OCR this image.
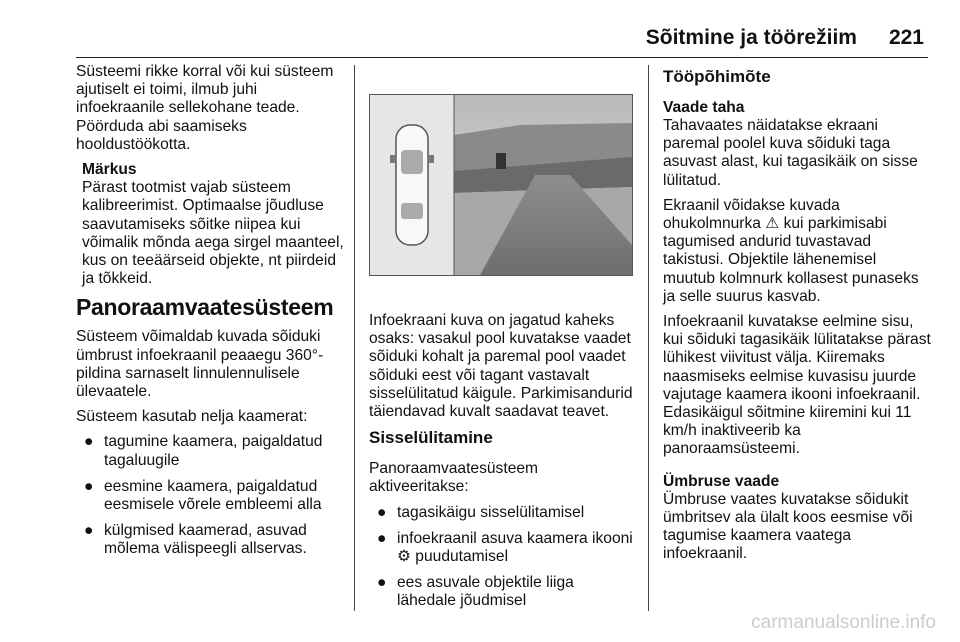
Sõitmine ja töörežiim 221

Süsteemi rikke korral või kui süsteem ajutiselt ei toimi, ilmub juhi infoekraanile sellekohane teade. Pöörduda abi saamiseks hooldustöökotta.

Märkus
Pärast tootmist vajab süsteem kalibreerimist. Optimaalse jõudluse saavutamiseks sõitke niipea kui võimalik mõnda aega sirgel maanteel, kus on teeäärseid objekte, nt piirdeid ja tõkkeid.
Panoraamvaatesüsteem

Süsteem võimaldab kuvada sõiduki ümbrust infoekraanil peaaegu 360°-pildina sarnaselt linnulennulisele ülevaatele.

Süsteem kasutab nelja kaamerat:

● tagumine kaamera, paigaldatud tagaluugile
● eesmine kaamera, paigaldatud eesmisele võrele embleemi alla
● külgmised kaamerad, asuvad mõlema välispeegli allservas.

Infoekraani kuva on jagatud kaheks osaks: vasakul pool kuvatakse vaadet sõiduki kohalt ja paremal pool vaadet sõiduki eest või tagant vastavalt sisselülitatud käigule. Parkimisandurid täiendavad kuvalt saadavat teavet.

Sisselülitamine

Panoraamvaatesüsteem aktiveeritakse:

● tagasikäigu sisselülitamisel
● infoekraanil asuva kaamera ikooni ⚙ puudutamisel
● ees asuvale objektile liiga lähedale jõudmisel
Tööpõhimõte
Vaade taha

Tahavaates näidatakse ekraani paremal poolel kuva sõiduki taga asuvast alast, kui tagasikäik on sisse lülitatud.

Ekraanil võidakse kuvada ohukolmnurka ⚠ kui parkimisabi tagumised andurid tuvastavad takistusi. Objektile lähenemisel muutub kolmnurk kollasest punaseks ja selle suurus kasvab.

Infoekraanil kuvatakse eelmine sisu, kui sõiduki tagasikäik lülitatakse pärast lühikest viivitust välja. Kiiremaks naasmiseks eelmise kuvasisu juurde vajutage kaamera ikooni infoekraanil. Edasikäigul sõitmine kiiremini kui 11 km/h inaktiveerib ka panoraamsüsteemi.

Ümbruse vaade

Ümbruse vaates kuvatakse sõidukit ümbritsev ala ülalt koos eesmise või tagumise kaamera vaatega infoekraanil.

carmanualsonline.info
